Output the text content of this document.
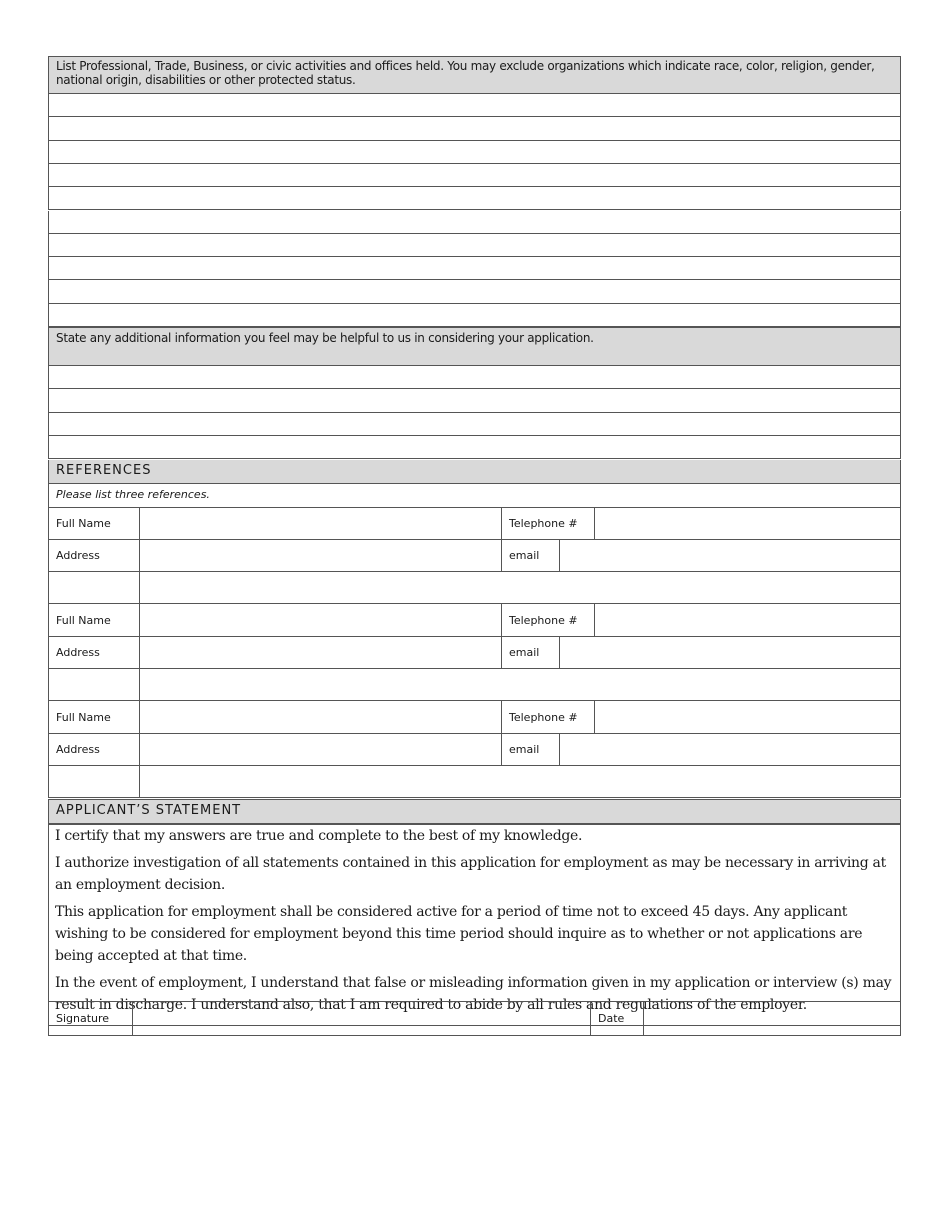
List Professional, Trade, Business, or civic activities and offices held. You may exclude organizations which indicate race, color, religion, gender, national origin, disabilities or other protected status.
State any additional information you feel may be helpful to us in considering your application.
REFERENCES
Please list three references.
Full Name	Telephone #
Address	email
Full Name	Telephone #
Address	email
Full Name	Telephone #
Address	email
APPLICANT’S STATEMENT

I certify that my answers are true and complete to the best of my knowledge.

I authorize investigation of all statements contained in this application for employment as may be necessary in arriving at an employment decision.

This application for employment shall be considered active for a period of time not to exceed 45 days. Any applicant wishing to be considered for employment beyond this time period should inquire as to whether or not applications are being accepted at that time.

In the event of employment, I understand that false or misleading information given in my application or interview (s) may result in discharge. I understand also, that I am required to abide by all rules and regulations of the employer.

Signature	Date
